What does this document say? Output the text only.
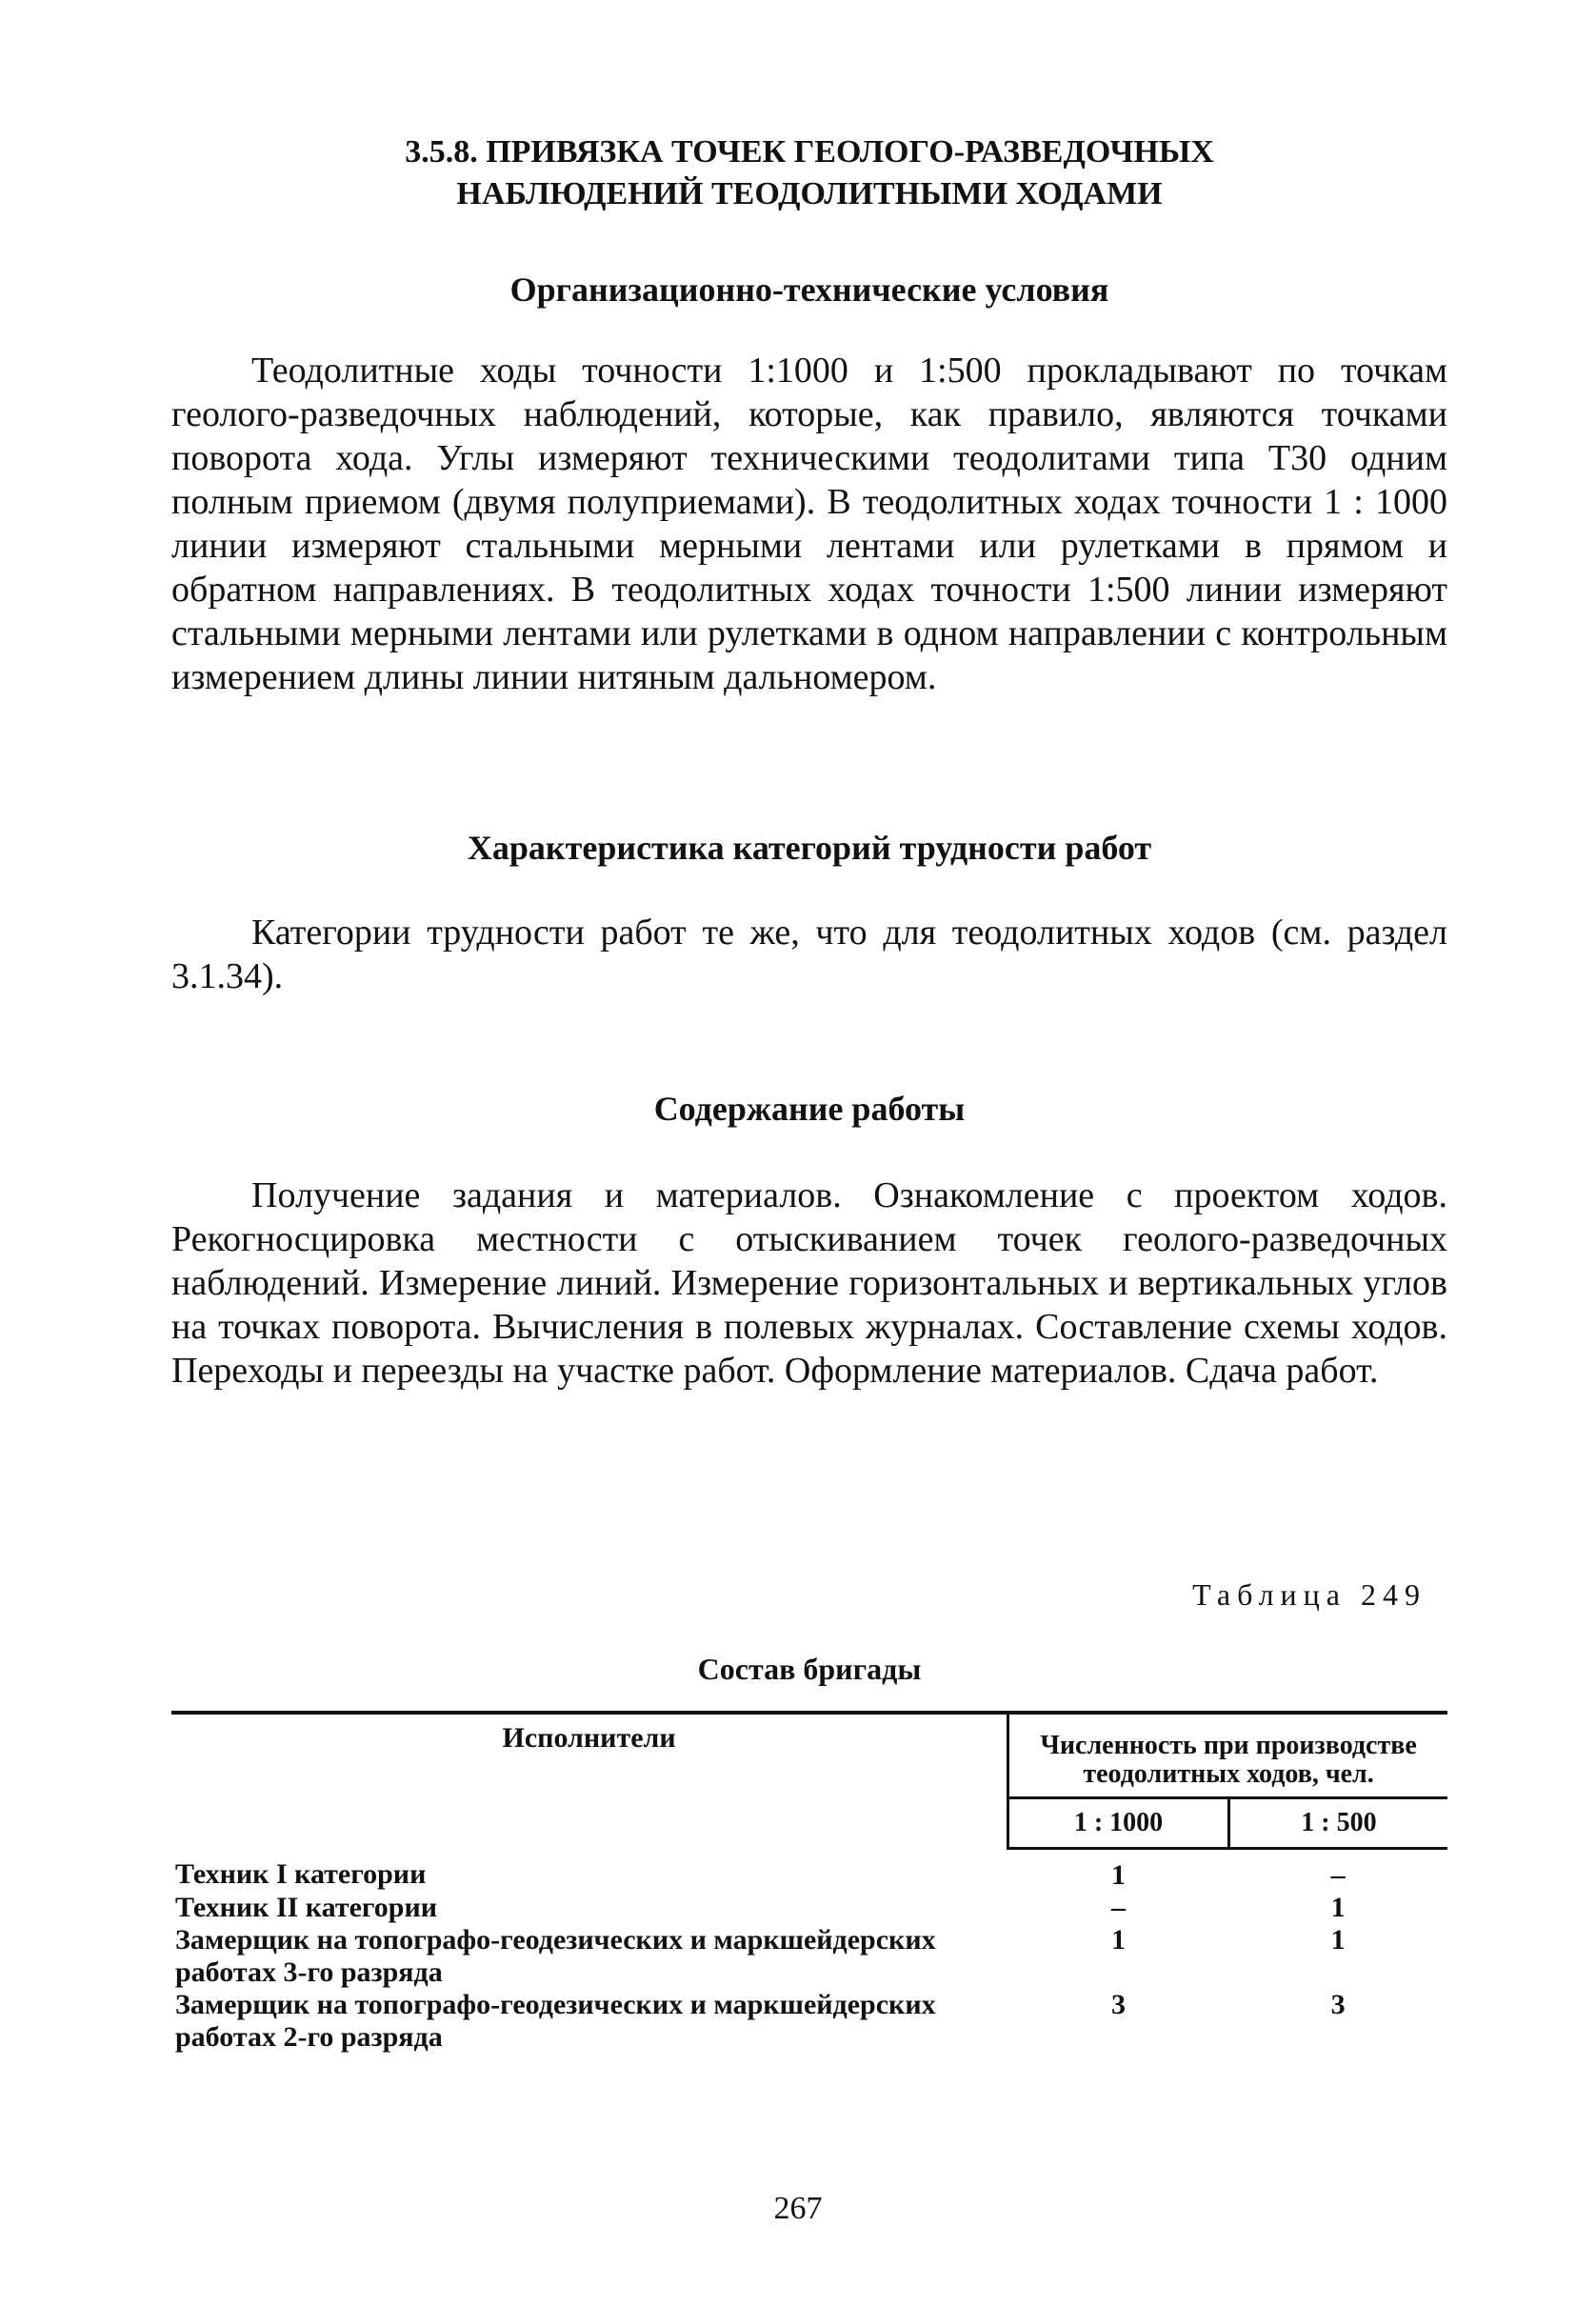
3.5.8. ПРИВЯЗКА ТОЧЕК ГЕОЛОГО-РАЗВЕДОЧНЫХ
НАБЛЮДЕНИЙ ТЕОДОЛИТНЫМИ ХОДАМИ
Организационно-технические условия

Теодолитные ходы точности 1:1000 и 1:500 прокладывают по точкам геолого-разведочных наблюдений, которые, как правило, являются точками поворота хода. Углы измеряют техническими теодолитами типа Т30 одним полным приемом (двумя полуприемами). В теодолитных ходах точности 1 : 1000 линии измеряют стальными мерными лентами или рулетками в прямом и обратном направлениях. В теодолитных ходах точности 1:500 линии измеряют стальными мерными лентами или рулетками в одном направлении с контрольным измерением длины линии нитяным дальномером.

Характеристика категорий трудности работ

Категории трудности работ те же, что для теодолитных ходов (см. раздел 3.1.34).

Содержание работы

Получение задания и материалов. Ознакомление с проектом ходов. Рекогносцировка местности с отыскиванием точек геолого-разведочных наблюдений. Измерение линий. Измерение горизонтальных и вертикальных углов на точках поворота. Вычисления в полевых журналах. Составление схемы ходов. Переходы и переезды на участке работ. Оформление материалов. Сдача работ.

Таблица 249
Состав бригады
Исполнители	Численность при производстве теодолитных ходов, чел.	
	1 : 1000	1 : 500
Техник I категории	1	–
Техник II категории	–	1
Замерщик на топографо-геодезических и маркшейдерских работах 3-го разряда	1	1
Замерщик на топографо-геодезических и маркшейдерских работах 2-го разряда	3	3
267
